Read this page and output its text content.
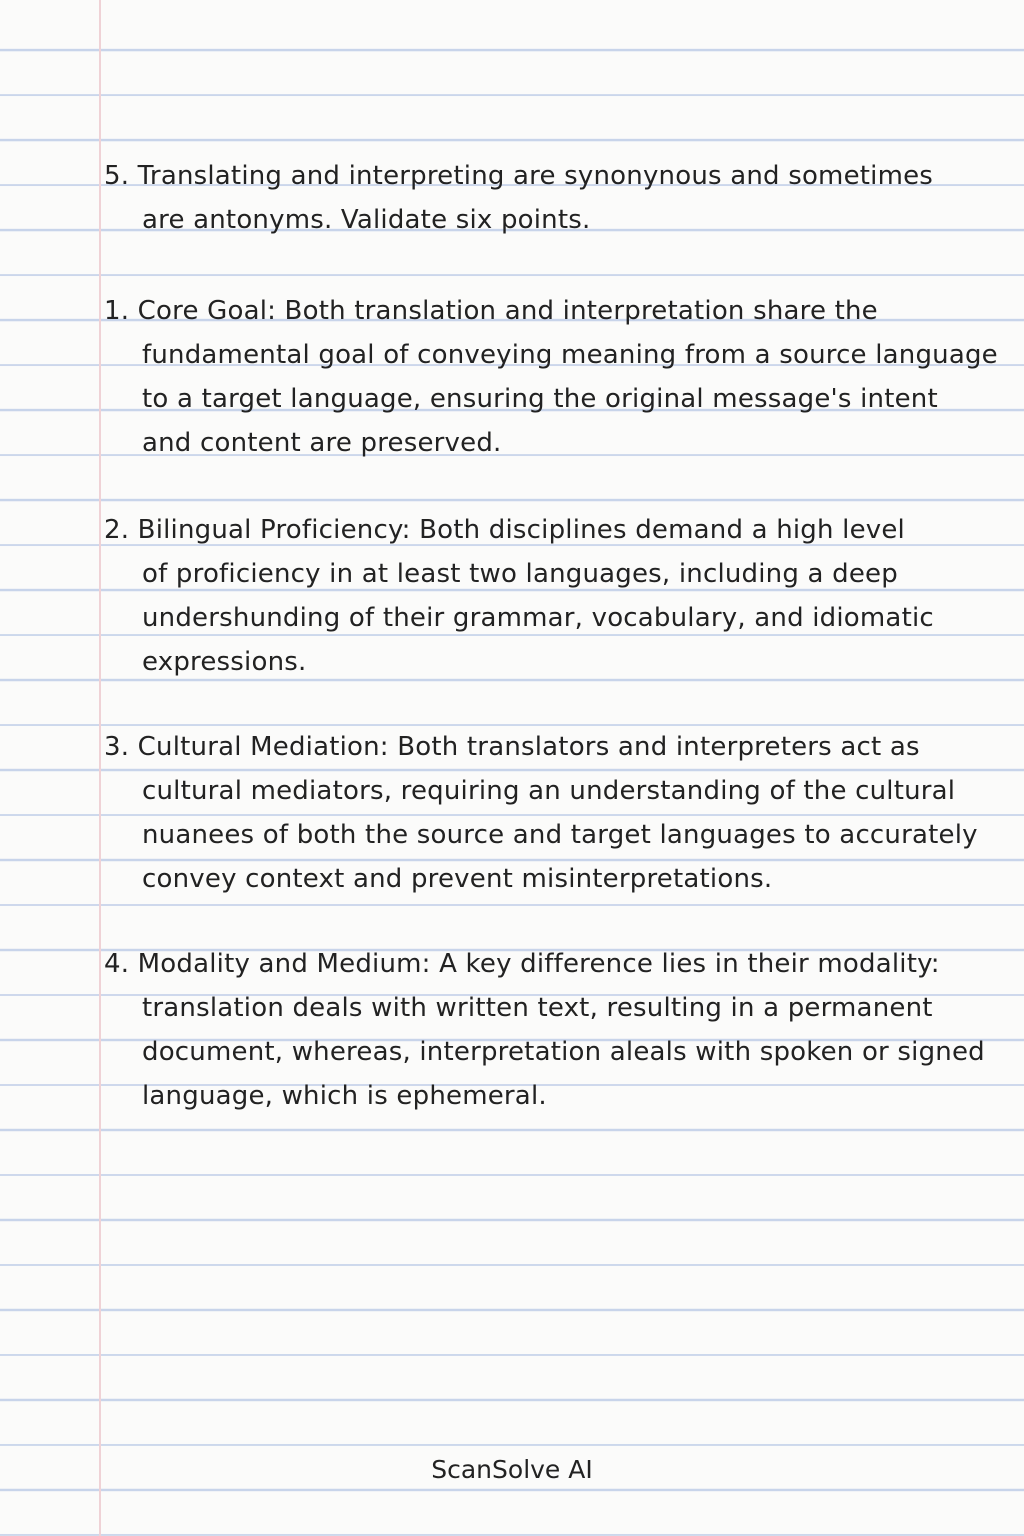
5. Translating and interpreting are synonynous and sometimes
are antonyms. Validate six points.
1. Core Goal: Both translation and interpretation share the
fundamental goal of conveying meaning from a source language
to a target language, ensuring the original message's intent
and content are preserved.
2. Bilingual Proficiency: Both disciplines demand a high level
of proficiency in at least two languages, including a deep
undershunding of their grammar, vocabulary, and idiomatic
expressions.
3. Cultural Mediation: Both translators and interpreters act as
cultural mediators, requiring an understanding of the cultural
nuanees of both the source and target languages to accurately
convey context and prevent misinterpretations.
4. Modality and Medium: A key difference lies in their modality:
translation deals with written text, resulting in a permanent
document, whereas, interpretation aleals with spoken or signed
language, which is ephemeral.
ScanSolve AI
